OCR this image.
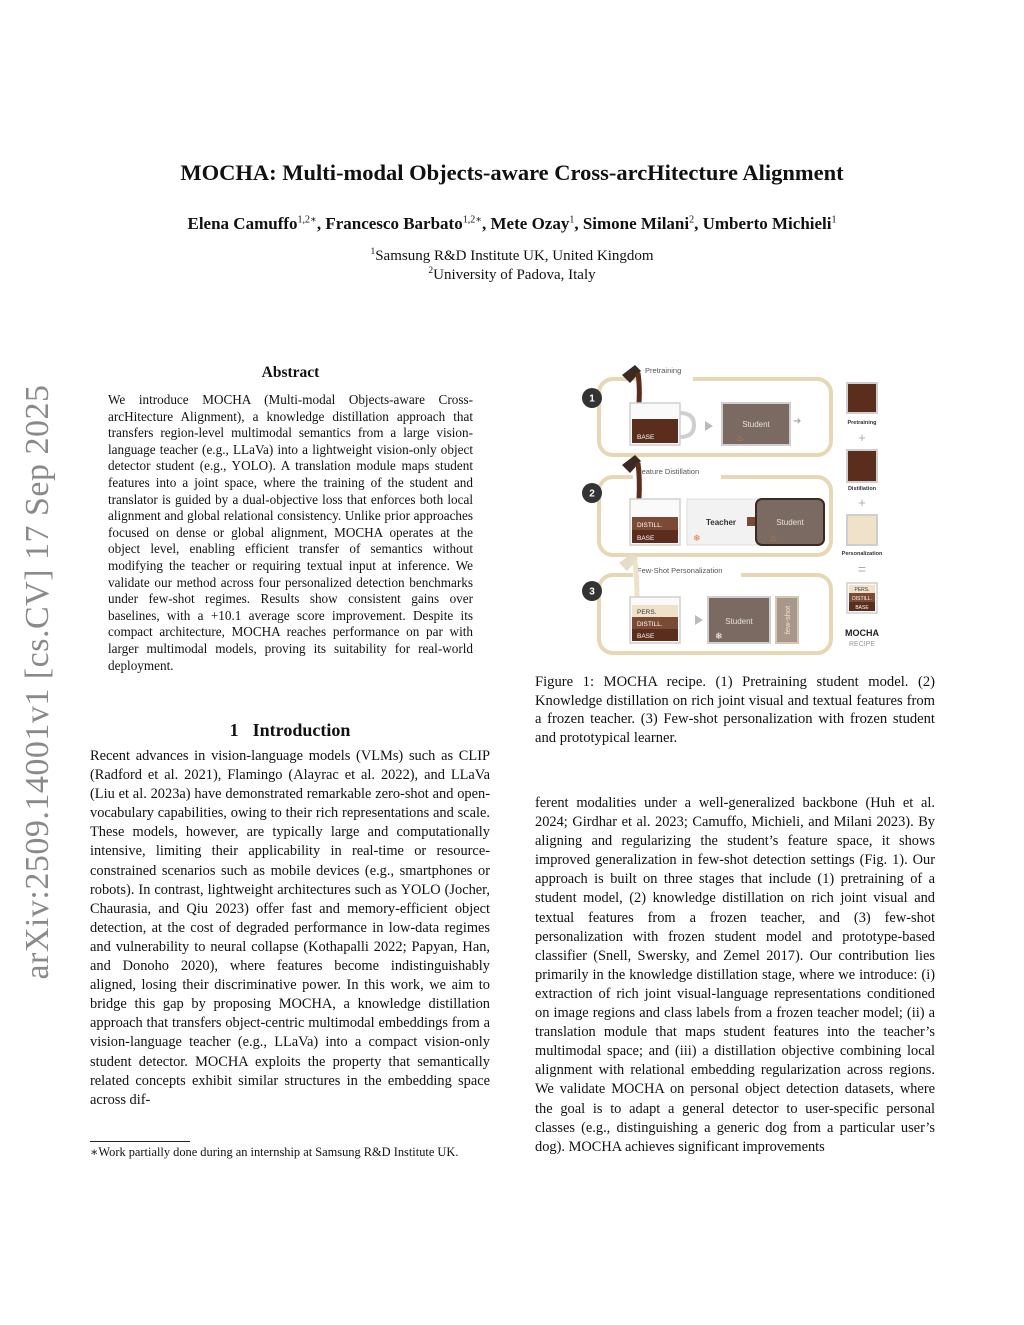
arXiv:2509.14001v1 [cs.CV] 17 Sep 2025
MOCHA: Multi-modal Objects-aware Cross-arcHitecture Alignment
Elena Camuffo$^{1,2∗}$, Francesco Barbato$^{1,2∗}$, Mete Ozay$^1$, Simone Milani$^2$, Umberto Michieli$^1$
$^1$Samsung R&D Institute UK, United Kingdom
$^2$University of Padova, Italy
Abstract
We introduce MOCHA (Multi-modal Objects-aware Cross-arcHitecture Alignment), a knowledge distillation approach that transfers region-level multimodal semantics from a large vision-language teacher (e.g., LLaVa) into a lightweight vision-only object detector student (e.g., YOLO). A translation module maps student features into a joint space, where the training of the student and translator is guided by a dual-objective loss that enforces both local alignment and global relational consistency. Unlike prior approaches focused on dense or global alignment, MOCHA operates at the object level, enabling efficient transfer of semantics without modifying the teacher or requiring textual input at inference. We validate our method across four personalized detection benchmarks under few-shot regimes. Results show consistent gains over baselines, with a +10.1 average score improvement. Despite its compact architecture, MOCHA reaches performance on par with larger multimodal models, proving its suitability for real-world deployment.
1 Introduction
Recent advances in vision-language models (VLMs) such as CLIP (Radford et al. 2021), Flamingo (Alayrac et al. 2022), and LLaVa (Liu et al. 2023a) have demonstrated remarkable zero-shot and open-vocabulary capabilities, owing to their rich representations and scale. These models, however, are typically large and computationally intensive, limiting their applicability in real-time or resource-constrained scenarios such as mobile devices (e.g., smartphones or robots). In contrast, lightweight architectures such as YOLO (Jocher, Chaurasia, and Qiu 2023) offer fast and memory-efficient object detection, at the cost of degraded performance in low-data regimes and vulnerability to neural collapse (Kothapalli 2022; Papyan, Han, and Donoho 2020), where features become indistinguishably aligned, losing their discriminative power. In this work, we aim to bridge this gap by proposing MOCHA, a knowledge distillation approach that transfers object-centric multimodal embeddings from a vision-language teacher (e.g., LLaVa) into a compact vision-only student detector. MOCHA exploits the property that semantically related concepts exhibit similar structures in the embedding space across dif-
∗Work partially done during an internship at Samsung R&D Institute UK.
Pretraining
1
BASE
Student
♨
➜
Feature Distillation
2
DISTILL.
BASE
Teacher
❄
Student
♨
Few-Shot Personalization
3
PERS.
DISTILL.
BASE
Student
❄
few-shot
Pretraining
+
Distillation
+
Personalization
=
PERS.
DISTILL.
BASE
MOCHA
RECIPE
Figure 1: MOCHA recipe. (1) Pretraining student model. (2) Knowledge distillation on rich joint visual and textual features from a frozen teacher. (3) Few-shot personalization with frozen student and prototypical learner.
ferent modalities under a well-generalized backbone (Huh et al. 2024; Girdhar et al. 2023; Camuffo, Michieli, and Milani 2023). By aligning and regularizing the student’s feature space, it shows improved generalization in few-shot detection settings (Fig. 1). Our approach is built on three stages that include (1) pretraining of a student model, (2) knowledge distillation on rich joint visual and textual features from a frozen teacher, and (3) few-shot personalization with frozen student model and prototype-based classifier (Snell, Swersky, and Zemel 2017). Our contribution lies primarily in the knowledge distillation stage, where we introduce: (i) extraction of rich joint visual-language representations conditioned on image regions and class labels from a frozen teacher model; (ii) a translation module that maps student features into the teacher’s multimodal space; and (iii) a distillation objective combining local alignment with relational embedding regularization across regions. We validate MOCHA on personal object detection datasets, where the goal is to adapt a general detector to user-specific personal classes (e.g., distinguishing a generic dog from a particular user’s dog). MOCHA achieves significant improvements
